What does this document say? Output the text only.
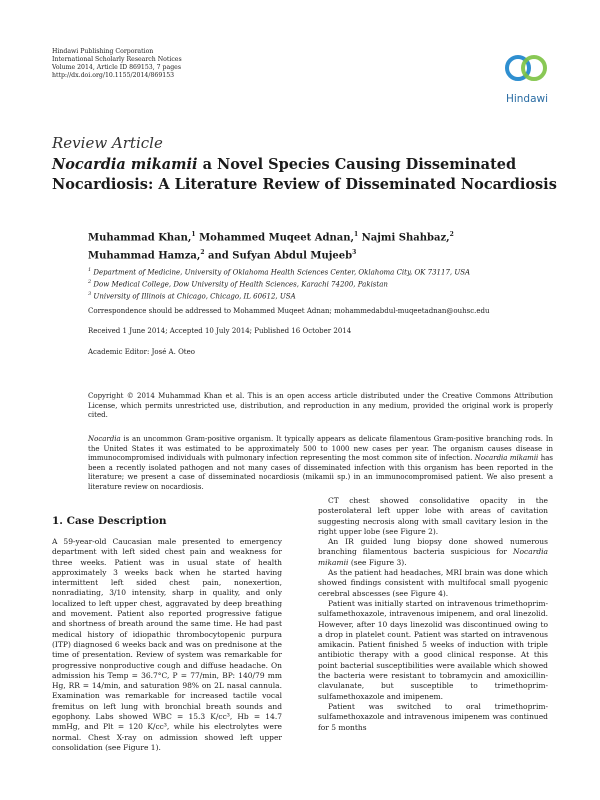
Hindawi Publishing Corporation
International Scholarly Research Notices
Volume 2014, Article ID 869153, 7 pages
http://dx.doi.org/10.1155/2014/869153
Hindawi
Review Article
Nocardia mikamii a Novel Species Causing Disseminated
Nocardiosis: A Literature Review of Disseminated Nocardiosis
Muhammad Khan,$^1$ Mohammed Muqeet Adnan,$^1$ Najmi Shahbaz,$^2$
Muhammad Hamza,$^2$ and Sufyan Abdul Mujeeb$^3$
$^1$ Department of Medicine, University of Oklahoma Health Sciences Center, Oklahoma City, OK 73117, USA
$^2$ Dow Medical College, Dow University of Health Sciences, Karachi 74200, Pakistan
$^3$ University of Illinois at Chicago, Chicago, IL 60612, USA
Correspondence should be addressed to Mohammed Muqeet Adnan; mohammedabdul-muqeetadnan@ouhsc.edu
Received 1 June 2014; Accepted 10 July 2014; Published 16 October 2014
Academic Editor: José A. Oteo
Copyright © 2014 Muhammad Khan et al. This is an open access article distributed under the Creative Commons Attribution License, which permits unrestricted use, distribution, and reproduction in any medium, provided the original work is properly cited.
Nocardia is an uncommon Gram-positive organism. It typically appears as delicate filamentous Gram-positive branching rods. In the United States it was estimated to be approximately 500 to 1000 new cases per year. The organism causes disease in immunocompromised individuals with pulmonary infection representing the most common site of infection. Nocardia mikamii has been a recently isolated pathogen and not many cases of disseminated infection with this organism has been reported in the literature; we present a case of disseminated nocardiosis (mikamii sp.) in an immunocompromised patient. We also present a literature review on nocardiosis.
1. Case Description

A 59-year-old Caucasian male presented to emergency department with left sided chest pain and weakness for three weeks. Patient was in usual state of health approximately 3 weeks back when he started having intermittent left sided chest pain, nonexertion, nonradiating, 3/10 intensity, sharp in quality, and only localized to left upper chest, aggravated by deep breathing and movement. Patient also reported progressive fatigue and shortness of breath around the same time. He had past medical history of idiopathic thrombocytopenic purpura (ITP) diagnosed 6 weeks back and was on prednisone at the time of presentation. Review of system was remarkable for progressive nonproductive cough and diffuse headache. On admission his Temp = 36.7°C, P = 77/min, BP: 140/79 mm Hg, RR = 14/min, and saturation 98% on 2L nasal cannula. Examination was remarkable for increased tactile vocal fremitus on left lung with bronchial breath sounds and egophony. Labs showed WBC = 15.3 K/cc³, Hb = 14.7 mmHg, and Plt = 120 K/cc³, while his electrolytes were normal. Chest X-ray on admission showed left upper consolidation (see Figure 1).

CT chest showed consolidative opacity in the posterolateral left upper lobe with areas of cavitation suggesting necrosis along with small cavitary lesion in the right upper lobe (see Figure 2).

An IR guided lung biopsy done showed numerous branching filamentous bacteria suspicious for Nocardia mikamii (see Figure 3).

As the patient had headaches, MRI brain was done which showed findings consistent with multifocal small pyogenic cerebral abscesses (see Figure 4).

Patient was initially started on intravenous trimethoprim-sulfamethoxazole, intravenous imipenem, and oral linezolid. However, after 10 days linezolid was discontinued owing to a drop in platelet count. Patient was started on intravenous amikacin. Patient finished 5 weeks of induction with triple antibiotic therapy with a good clinical response. At this point bacterial susceptibilities were available which showed the bacteria were resistant to tobramycin and amoxicillin-clavulanate, but susceptible to trimethoprim-sulfamethoxazole and imipenem.

Patient was switched to oral trimethoprim-sulfamethoxazole and intravenous imipenem was continued for 5 months
